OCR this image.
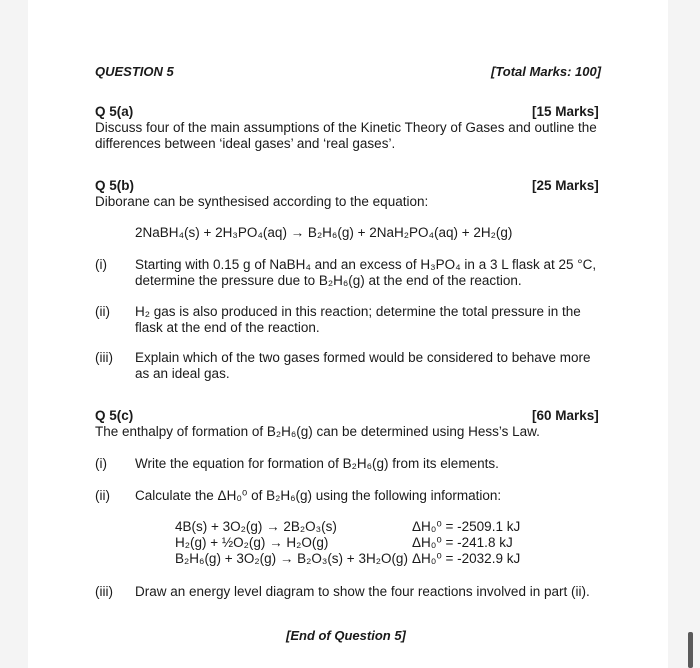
QUESTION 5	[Total Marks: 100]
Q 5(a)	[15 Marks]
Discuss four of the main assumptions of the Kinetic Theory of Gases and outline the
differences between ‘ideal gases’ and ‘real gases’.
Q 5(b)	[25 Marks]
Diborane can be synthesised according to the equation:
2NaBH₄(s) + 2H₃PO₄(aq) → B₂H₆(g) + 2NaH₂PO₄(aq) + 2H₂(g)
(i) Starting with 0.15 g of NaBH₄ and an excess of H₃PO₄ in a 3 L flask at 25 °C,
determine the pressure due to B₂H₆(g) at the end of the reaction.
(ii) H₂ gas is also produced in this reaction; determine the total pressure in the
flask at the end of the reaction.
(iii) Explain which of the two gases formed would be considered to behave more
as an ideal gas.
Q 5(c)	[60 Marks]
The enthalpy of formation of B₂H₆(g) can be determined using Hess’s Law.
(i) Write the equation for formation of B₂H₆(g) from its elements.
(ii) Calculate the ΔH₀⁰ of B₂H₆(g) using the following information:
4B(s) + 3O₂(g) → 2B₂O₃(s)	ΔH₀⁰ = -2509.1 kJ
H₂(g) + ½O₂(g) → H₂O(g)	ΔH₀⁰ = -241.8 kJ
B₂H₆(g) + 3O₂(g) → B₂O₃(s) + 3H₂O(g) ΔH₀⁰ = -2032.9 kJ
(iii) Draw an energy level diagram to show the four reactions involved in part (ii).
[End of Question 5]
